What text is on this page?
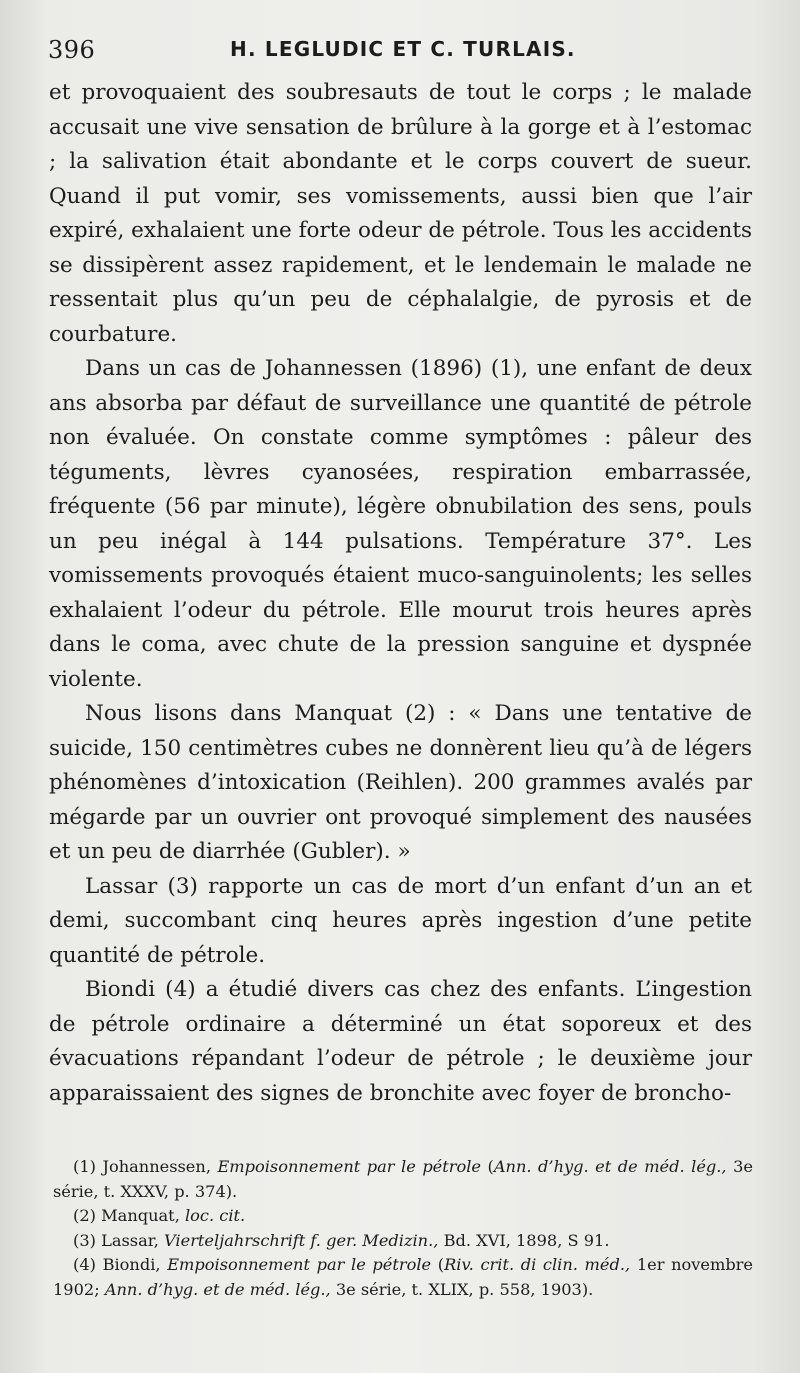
396	H. LEGLUDIC ET C. TURLAIS.

et provoquaient des soubresauts de tout le corps ; le malade accusait une vive sensation de brûlure à la gorge et à l’estomac ; la salivation était abondante et le corps couvert de sueur. Quand il put vomir, ses vomissements, aussi bien que l’air expiré, exhalaient une forte odeur de pétrole. Tous les accidents se dissipèrent assez rapidement, et le lendemain le malade ne ressentait plus qu’un peu de céphalalgie, de pyrosis et de courbature.

Dans un cas de Johannessen (1896) (1), une enfant de deux ans absorba par défaut de surveillance une quantité de pétrole non évaluée. On constate comme symptômes : pâleur des téguments, lèvres cyanosées, respiration embarrassée, fréquente (56 par minute), légère obnubilation des sens, pouls un peu inégal à 144 pulsations. Température 37°. Les vomissements provoqués étaient muco-sanguinolents; les selles exhalaient l’odeur du pétrole. Elle mourut trois heures après dans le coma, avec chute de la pression sanguine et dyspnée violente.

Nous lisons dans Manquat (2) : « Dans une tentative de suicide, 150 centimètres cubes ne donnèrent lieu qu’à de légers phénomènes d’intoxication (Reihlen). 200 grammes avalés par mégarde par un ouvrier ont provoqué simplement des nausées et un peu de diarrhée (Gubler). »

Lassar (3) rapporte un cas de mort d’un enfant d’un an et demi, succombant cinq heures après ingestion d’une petite quantité de pétrole.

Biondi (4) a étudié divers cas chez des enfants. L’ingestion de pétrole ordinaire a déterminé un état soporeux et des évacuations répandant l’odeur de pétrole ; le deuxième jour apparaissaient des signes de bronchite avec foyer de broncho-

(1) Johannessen, Empoisonnement par le pétrole (Ann. d’hyg. et de méd. lég., 3e série, t. XXXV, p. 374).

(2) Manquat, loc. cit.

(3) Lassar, Vierteljahrschrift f. ger. Medizin., Bd. XVI, 1898, S 91.

(4) Biondi, Empoisonnement par le pétrole (Riv. crit. di clin. méd., 1er novembre 1902; Ann. d’hyg. et de méd. lég., 3e série, t. XLIX, p. 558, 1903).
